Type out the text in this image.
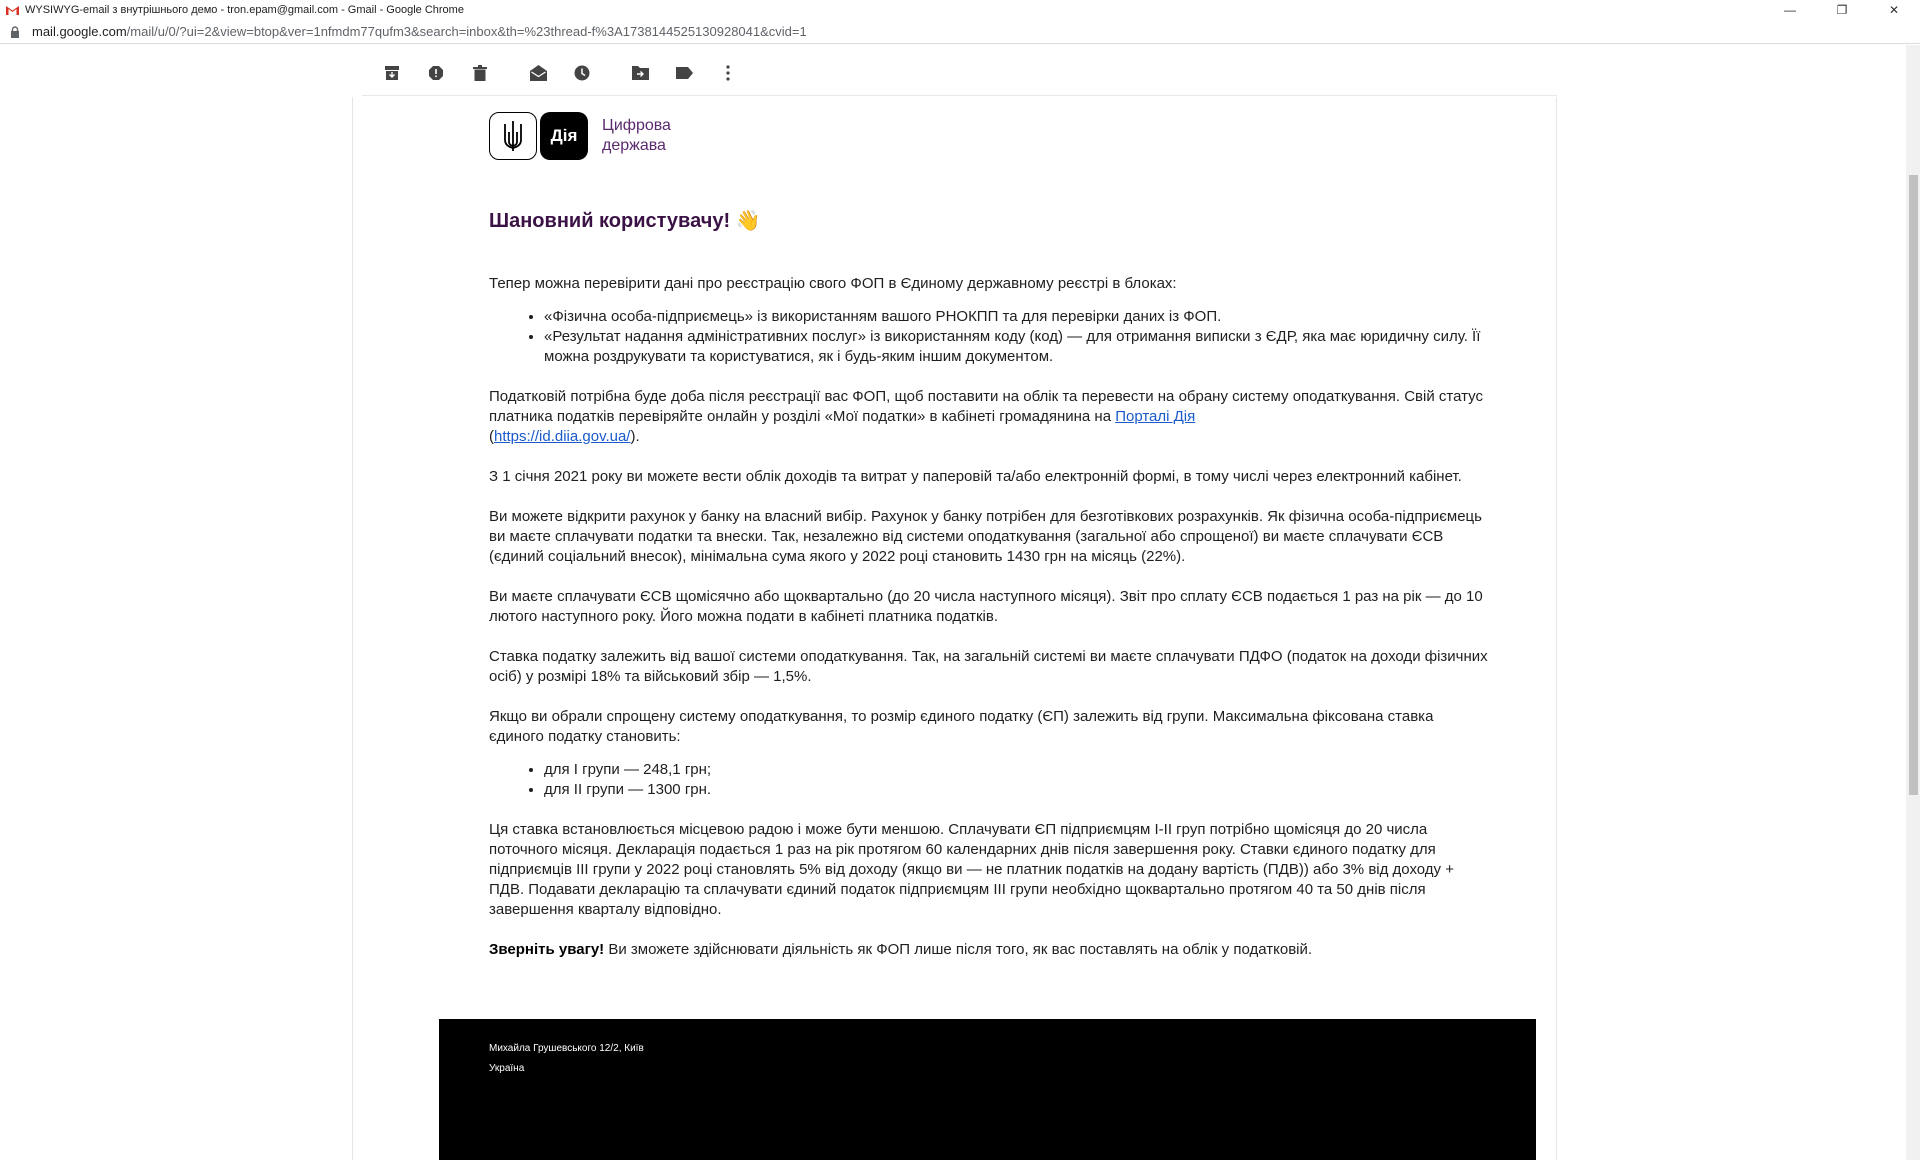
WYSIWYG-email з внутрішнього демо - tron.epam@gmail.com - Gmail - Google Chrome	—	❐	✕
mail.google.com/mail/u/0/?ui=2&view=btop&ver=1nfmdm77qufm3&search=inbox&th=%23thread-f%3A1738144525130928041&cvid=1
Дія
Цифрова
держава
Шановний користувачу! 👋

Тепер можна перевірити дані про реєстрацію свого ФОП в Єдиному державному реєстрі в блоках:

• «Фізична особа-підприємець» із використанням вашого РНОКПП та для перевірки даних із ФОП.
• «Результат надання адміністративних послуг» із використанням коду (код) — для отримання виписки з ЄДР, яка має юридичну силу. Її можна роздрукувати та користуватися, як і будь-яким іншим документом.

Податковій потрібна буде доба після реєстрації вас ФОП, щоб поставити на облік та перевести на обрану систему оподаткування. Свій статус платника податків перевіряйте онлайн у розділі «Мої податки» в кабінеті громадянина на Порталі Дія
(https://id.diia.gov.ua/).

З 1 січня 2021 року ви можете вести облік доходів та витрат у паперовій та/або електронній формі, в тому числі через електронний кабінет.

Ви можете відкрити рахунок у банку на власний вибір. Рахунок у банку потрібен для безготівкових розрахунків. Як фізична особа-підприємець ви маєте сплачувати податки та внески. Так, незалежно від системи оподаткування (загальної або спрощеної) ви маєте сплачувати ЄСВ (єдиний соціальний внесок), мінімальна сума якого у 2022 році становить 1430 грн на місяць (22%).

Ви маєте сплачувати ЄСВ щомісячно або щоквартально (до 20 числа наступного місяця). Звіт про сплату ЄСВ подається 1 раз на рік — до 10 лютого наступного року. Його можна подати в кабінеті платника податків.

Ставка податку залежить від вашої системи оподаткування. Так, на загальній системі ви маєте сплачувати ПДФО (податок на доходи фізичних осіб) у розмірі 18% та військовий збір — 1,5%.

Якщо ви обрали спрощену систему оподаткування, то розмір єдиного податку (ЄП) залежить від групи. Максимальна фіксована ставка єдиного податку становить:

• для І групи — 248,1 грн;
• для ІІ групи — 1300 грн.

Ця ставка встановлюється місцевою радою і може бути меншою. Сплачувати ЄП підприємцям І-ІІ груп потрібно щомісяця до 20 числа поточного місяця. Декларація подається 1 раз на рік протягом 60 календарних днів після завершення року. Ставки єдиного податку для підприємців ІІІ групи у 2022 році становлять 5% від доходу (якщо ви — не платник податків на додану вартість (ПДВ)) або 3% від доходу + ПДВ. Подавати декларацію та сплачувати єдиний податок підприємцям ІІІ групи необхідно щоквартально протягом 40 та 50 днів після завершення кварталу відповідно.

Зверніть увагу! Ви зможете здійснювати діяльність як ФОП лише після того, як вас поставлять на облік у податковій.

Михайла Грушевського 12/2, Київ
Україна
